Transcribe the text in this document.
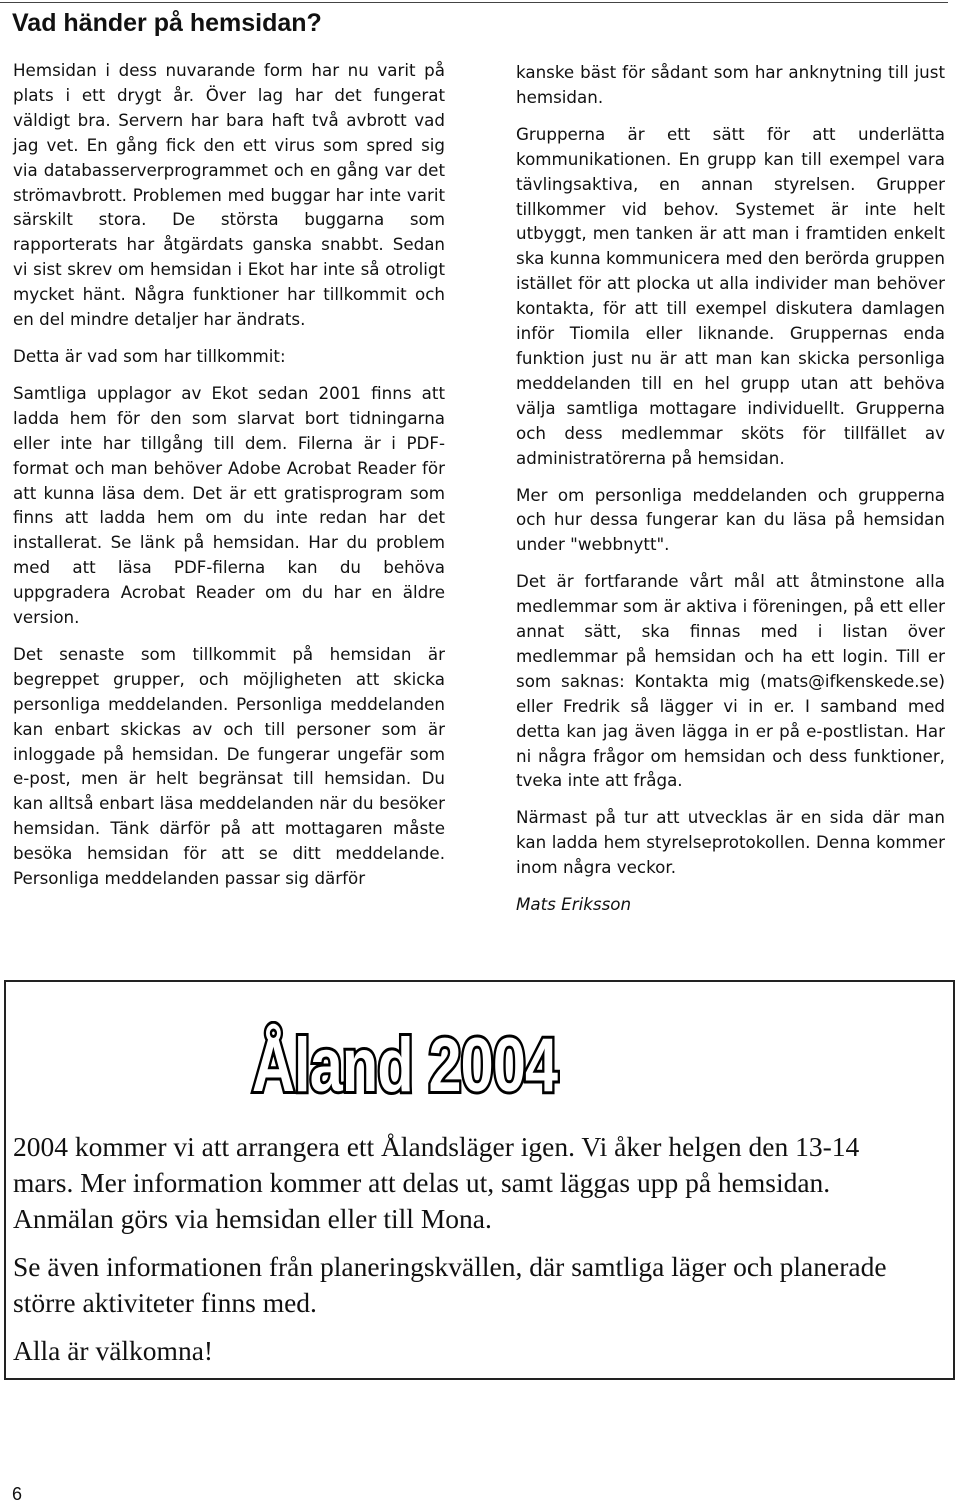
Vad händer på hemsidan?

Hemsidan i dess nuvarande form har nu varit på plats i ett drygt år. Över lag har det fungerat väldigt bra. Servern har bara haft två avbrott vad jag vet. En gång fick den ett virus som spred sig via databasserverprogrammet och en gång var det strömavbrott. Problemen med buggar har inte varit särskilt stora. De största buggarna som rapporterats har åtgärdats ganska snabbt. Sedan vi sist skrev om hemsidan i Ekot har inte så otroligt mycket hänt. Några funktioner har tillkommit och en del mindre detaljer har ändrats.

Detta är vad som har tillkommit:

Samtliga upplagor av Ekot sedan 2001 finns att ladda hem för den som slarvat bort tidningarna eller inte har tillgång till dem. Filerna är i PDF-format och man behöver Adobe Acrobat Reader för att kunna läsa dem. Det är ett gratisprogram som finns att ladda hem om du inte redan har det installerat. Se länk på hemsidan. Har du problem med att läsa PDF-filerna kan du behöva uppgradera Acrobat Reader om du har en äldre version.

Det senaste som tillkommit på hemsidan är begreppet grupper, och möjligheten att skicka personliga meddelanden. Personliga meddelanden kan enbart skickas av och till personer som är inloggade på hemsidan. De fungerar ungefär som e-post, men är helt begränsat till hemsidan. Du kan alltså enbart läsa meddelanden när du besöker hemsidan. Tänk därför på att mottagaren måste besöka hemsidan för att se ditt meddelande. Personliga meddelanden passar sig därför

kanske bäst för sådant som har anknytning till just hemsidan.

Grupperna är ett sätt för att underlätta kommunikationen. En grupp kan till exempel vara tävlingsaktiva, en annan styrelsen. Grupper tillkommer vid behov. Systemet är inte helt utbyggt, men tanken är att man i framtiden enkelt ska kunna kommunicera med den berörda gruppen istället för att plocka ut alla individer man behöver kontakta, för att till exempel diskutera damlagen inför Tiomila eller liknande. Gruppernas enda funktion just nu är att man kan skicka personliga meddelanden till en hel grupp utan att behöva välja samtliga mottagare individuellt. Grupperna och dess medlemmar sköts för tillfället av administratörerna på hemsidan.

Mer om personliga meddelanden och grupperna och hur dessa fungerar kan du läsa på hemsidan under "webbnytt".

Det är fortfarande vårt mål att åtminstone alla medlemmar som är aktiva i föreningen, på ett eller annat sätt, ska finnas med i listan över medlemmar på hemsidan och ha ett login. Till er som saknas: Kontakta mig (mats@ifkenskede.se) eller Fredrik så lägger vi in er. I samband med detta kan jag även lägga in er på e-postlistan. Har ni några frågor om hemsidan och dess funktioner, tveka inte att fråga.

Närmast på tur att utvecklas är en sida där man kan ladda hem styrelseprotokollen. Denna kommer inom några veckor.

Mats Eriksson

Åland 2004

2004 kommer vi att arrangera ett Ålandsläger igen. Vi åker helgen den 13-14 mars. Mer information kommer att delas ut, samt läggas upp på hemsidan. Anmälan görs via hemsidan eller till Mona.

Se även informationen från planeringskvällen, där samtliga läger och planerade större aktiviteter finns med.

Alla är välkomna!

6
